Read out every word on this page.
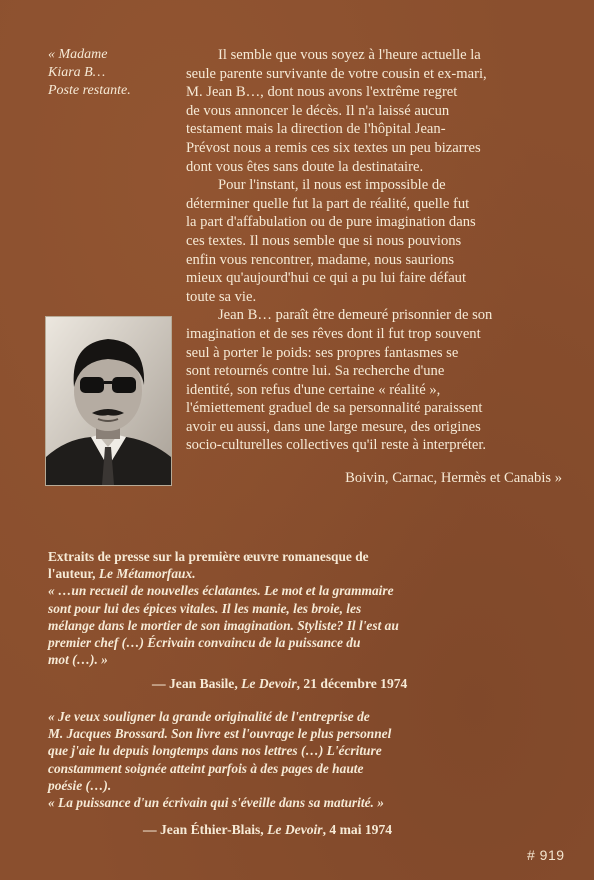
« Madame
Kiara B…
Poste restante.

Il semble que vous soyez à l'heure actuelle la
seule parente survivante de votre cousin et ex-mari,
M. Jean B…, dont nous avons l'extrême regret
de vous annoncer le décès. Il n'a laissé aucun
testament mais la direction de l'hôpital Jean-
Prévost nous a remis ces six textes un peu bizarres
dont vous êtes sans doute la destinataire.

Pour l'instant, il nous est impossible de
déterminer quelle fut la part de réalité, quelle fut
la part d'affabulation ou de pure imagination dans
ces textes. Il nous semble que si nous pouvions
enfin vous rencontrer, madame, nous saurions
mieux qu'aujourd'hui ce qui a pu lui faire défaut
toute sa vie.

Jean B… paraît être demeuré prisonnier de son
imagination et de ses rêves dont il fut trop souvent
seul à porter le poids: ses propres fantasmes se
sont retournés contre lui. Sa recherche d'une
identité, son refus d'une certaine « réalité »,
l'émiettement graduel de sa personnalité paraissent
avoir eu aussi, dans une large mesure, des origines
socio-culturelles collectives qu'il reste à interpréter.

Boivin, Carnac, Hermès et Canabis »
Extraits de presse sur la première œuvre romanesque de
l'auteur, Le Métamorfaux.
« …un recueil de nouvelles éclatantes. Le mot et la grammaire
sont pour lui des épices vitales. Il les manie, les broie, les
mélange dans le mortier de son imagination. Styliste? Il l'est au
premier chef (…) Écrivain convaincu de la puissance du
mot (…). »
— Jean Basile, Le Devoir, 21 décembre 1974
« Je veux souligner la grande originalité de l'entreprise de
M. Jacques Brossard. Son livre est l'ouvrage le plus personnel
que j'aie lu depuis longtemps dans nos lettres (…) L'écriture
constamment soignée atteint parfois à des pages de haute
poésie (…).
« La puissance d'un écrivain qui s'éveille dans sa maturité. »
— Jean Éthier-Blais, Le Devoir, 4 mai 1974
# 919
